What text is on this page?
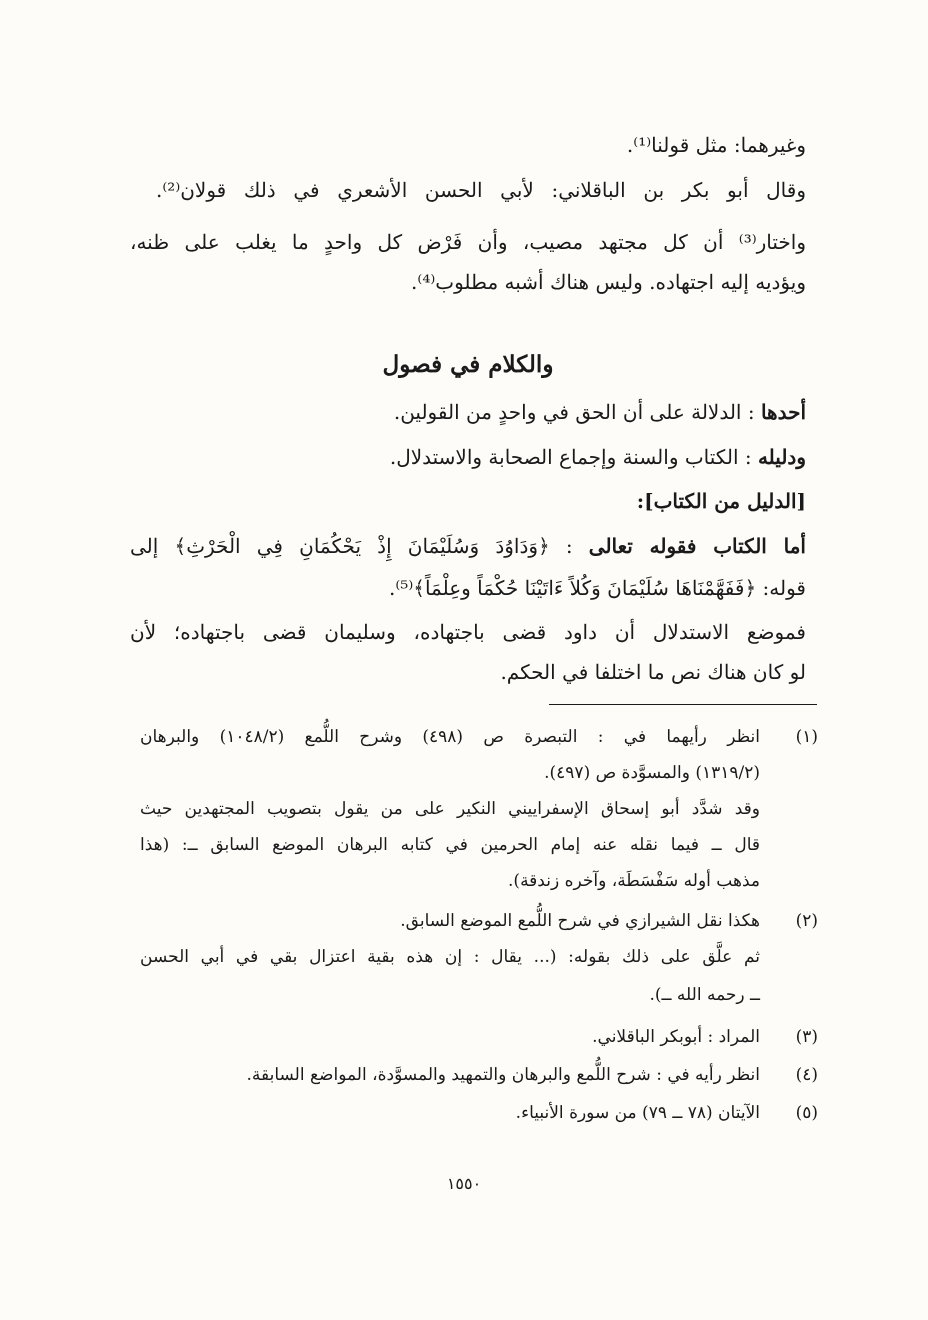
وغيرهما: مثل قولنا⁽¹⁾.
وقال أبو بكر بن الباقلاني: لأبي الحسن الأشعري في ذلك قولان⁽²⁾.
واختار⁽³⁾ أن كل مجتهد مصيب، وأن فَرْض كل واحدٍ ما يغلب على ظنه،
ويؤديه إليه اجتهاده. وليس هناك أشبه مطلوب⁽⁴⁾.
والكلام في فصول
أحدها : الدلالة على أن الحق في واحدٍ من القولين.
ودليله : الكتاب والسنة وإجماع الصحابة والاستدلال.
[الدليل من الكتاب]:
أما الكتاب فقوله تعالى : ﴿وَدَاوُدَ وَسُلَيْمَانَ إِذْ يَحْكُمَانِ فِي الْحَرْثِ﴾ إلى
قوله: ﴿فَفَهَّمْنَاهَا سُلَيْمَانَ وَكُلاً ءَاتَيْنَا حُكْمَاً وعِلْمَاً﴾⁽⁵⁾.
فموضع الاستدلال أن داود قضى باجتهاده، وسليمان قضى باجتهاده؛ لأن
لو كان هناك نص ما اختلفا في الحكم.
(١)
انظر رأيهما في : التبصرة ص (٤٩٨) وشرح اللُّمع (١٠٤٨/٢) والبرهان
(١٣١٩/٢) والمسوَّدة ص (٤٩٧).
وقد شدَّد أبو إسحاق الإسفراييني النكير على من يقول بتصويب المجتهدين حيث
قال ــ فيما نقله عنه إمام الحرمين في كتابه البرهان الموضع السابق ــ: (هذا
مذهب أوله سَفْسَطَة، وآخره زندقة).
(٢)
هكذا نقل الشيرازي في شرح اللُّمع الموضع السابق.
ثم علَّق على ذلك بقوله: (... يقال : إن هذه بقية اعتزال بقي في أبي الحسن
ــ رحمه الله ــ).
(٣)
المراد : أبوبكر الباقلاني.
(٤)
انظر رأيه في : شرح اللُّمع والبرهان والتمهيد والمسوَّدة، المواضع السابقة.
(٥)
الآيتان (٧٨ ــ ٧٩) من سورة الأنبياء.
١٥٥٠
